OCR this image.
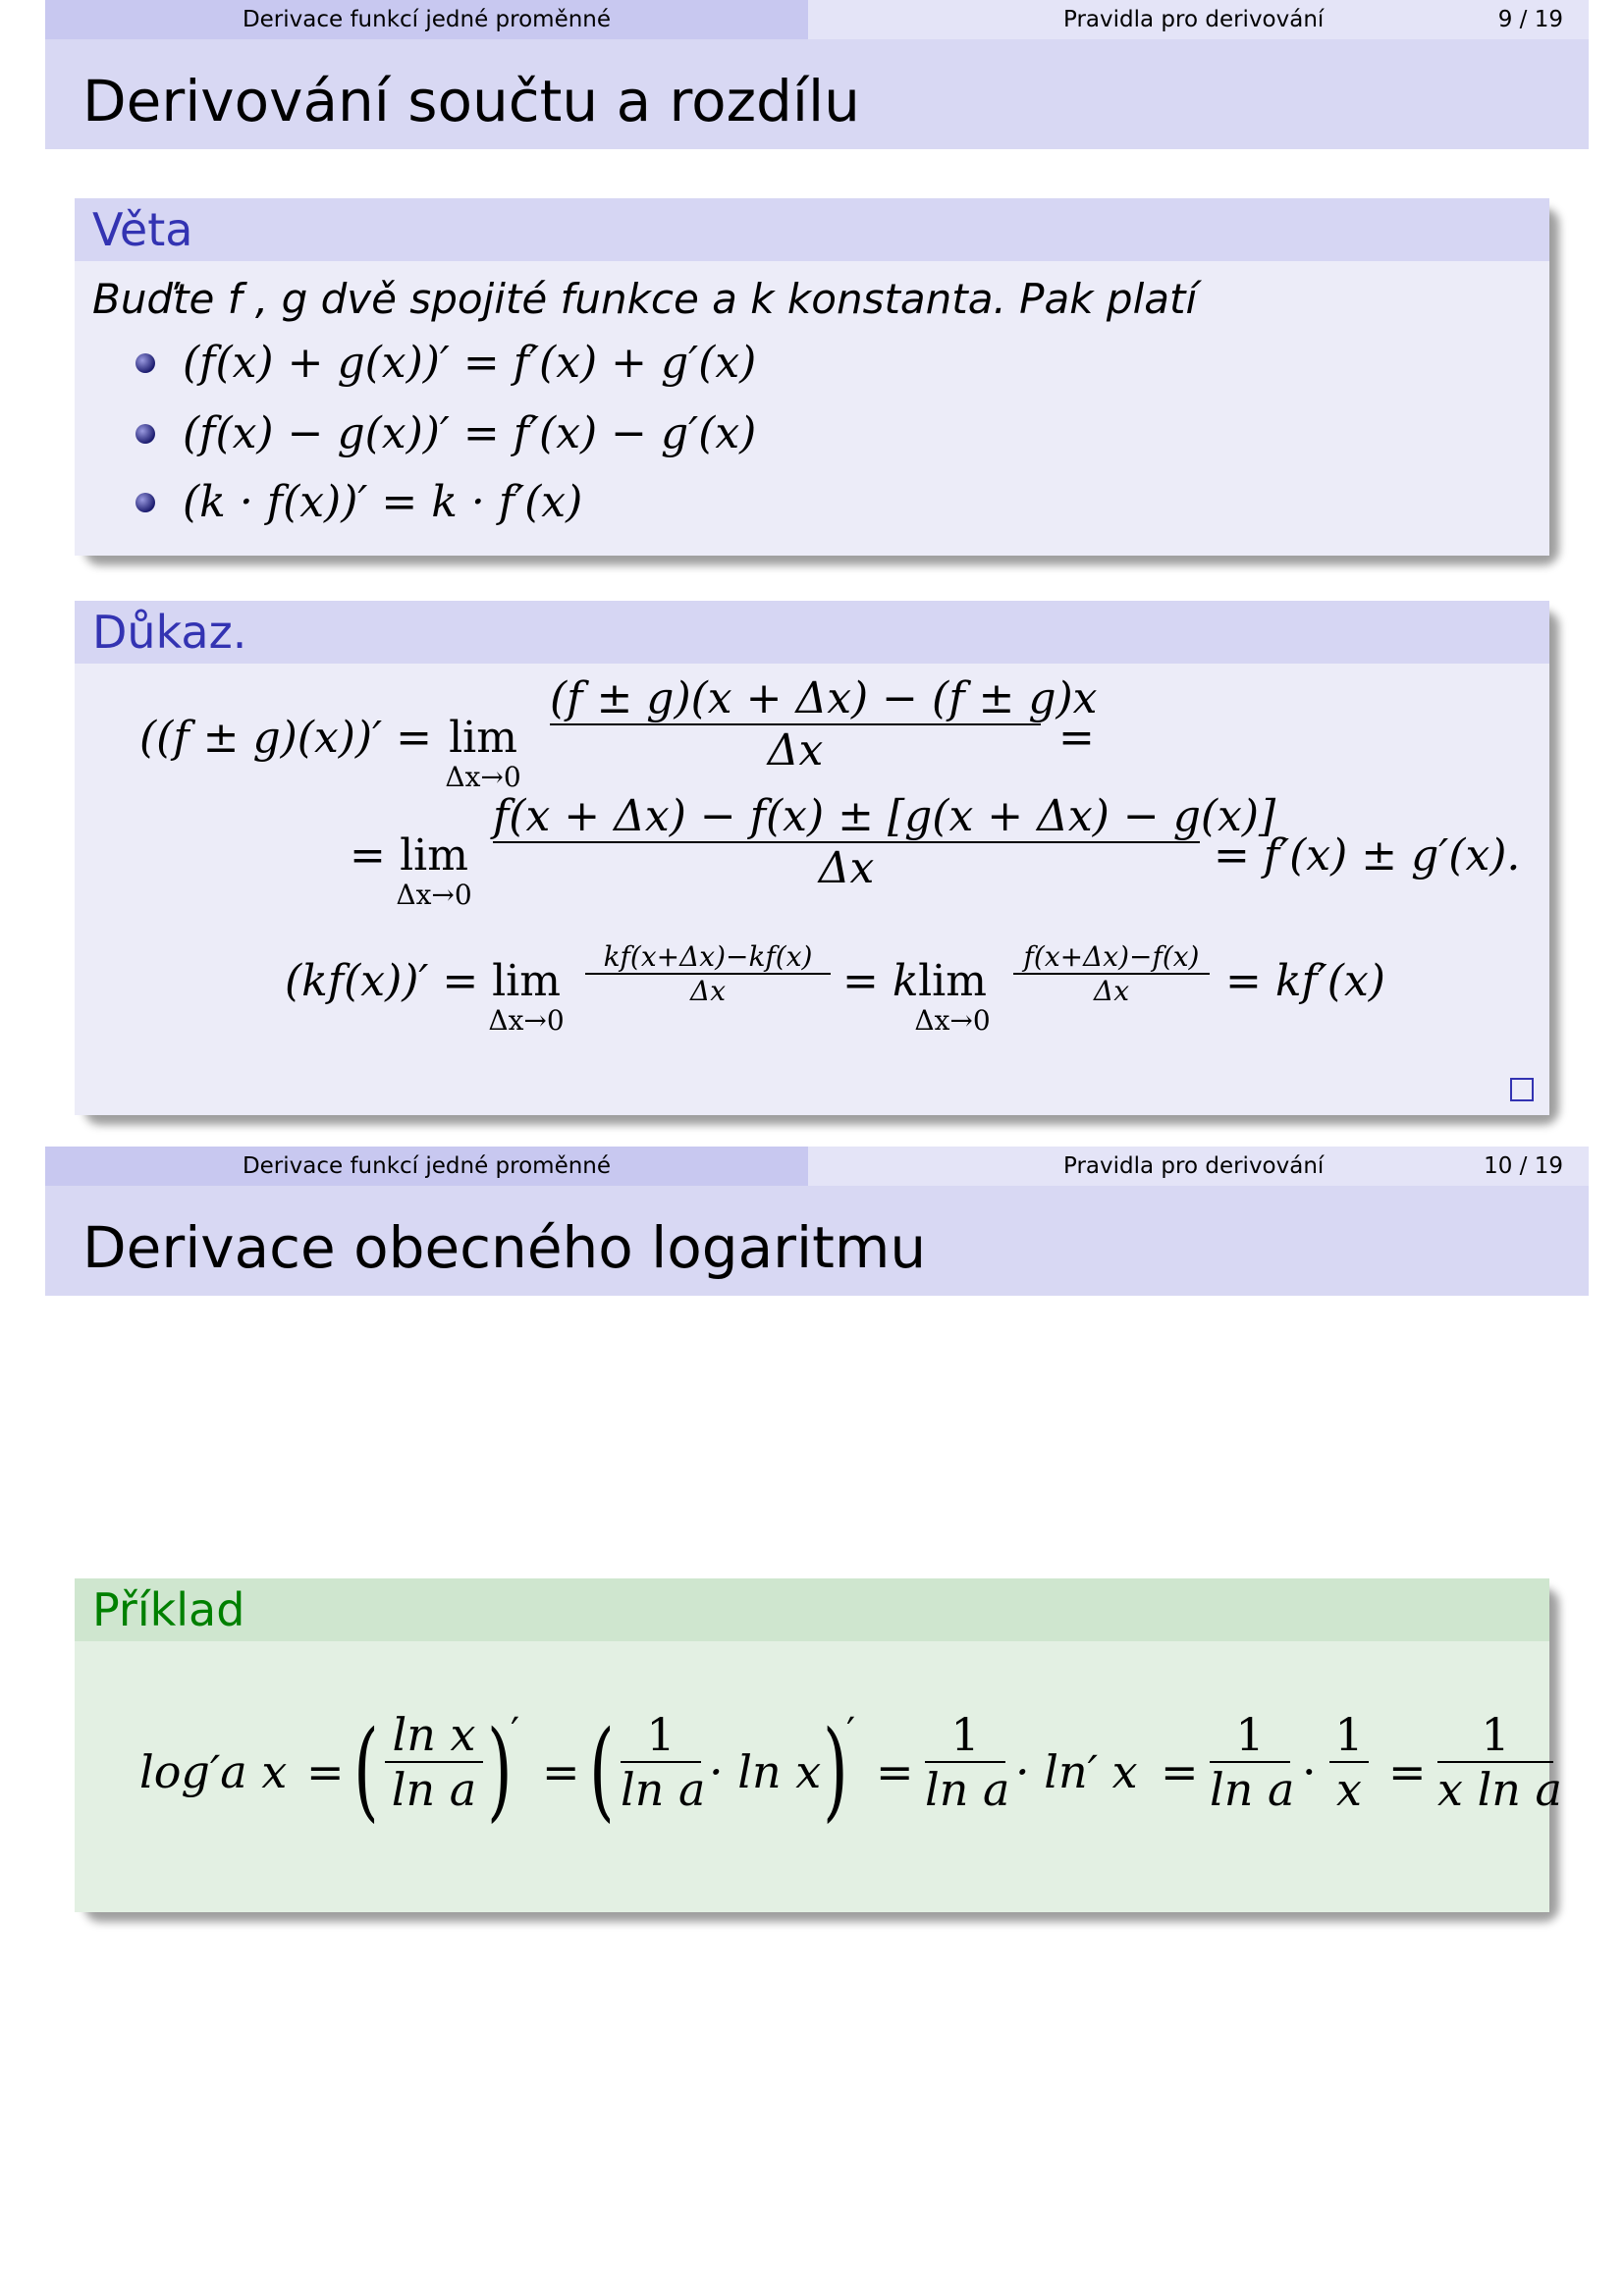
Derivace funkcí jedné proměnné	Pravidla pro derivování	9 / 19
Derivování součtu a rozdílu
Věta
Buďte f , g dvě spojité funkce a k konstanta. Pak platí
(f(x) + g(x))′ = f′(x) + g′(x)
(f(x) − g(x))′ = f′(x) − g′(x)
(k · f(x))′ = k · f′(x)
Důkaz.
((f ± g)(x))′ = lim
Δx→0
(f ± g)(x + Δx) − (f ± g)x
Δx	=
= lim
Δx→0
f(x + Δx) − f(x) ± [g(x + Δx) − g(x)]
Δx	= f′(x) ± g′(x).
(kf(x))′ = lim
Δx→0
kf(x+Δx)−kf(x)
Δx	= k lim
Δx→0
f(x+Δx)−f(x)
Δx	= kf′(x)
Derivace funkcí jedné proměnné	Pravidla pro derivování	10 / 19
Derivace obecného logaritmu
Příklad
log′a x = ( ln x
ln a )
′
= ( 1
ln a · ln x )
′
=
1
ln a · ln′ x =
1
ln a ·
1
x =
1
x ln a
